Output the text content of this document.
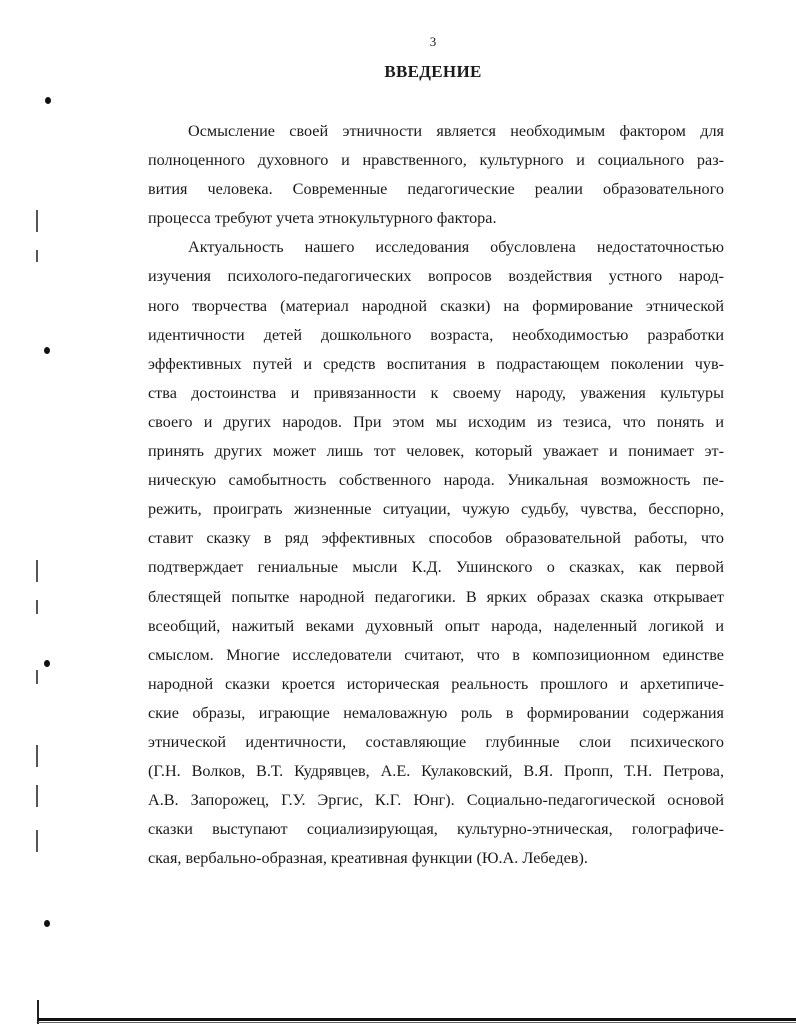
3
ВВЕДЕНИЕ
Осмысление своей этничности является необходимым фактором для
полноценного духовного и нравственного, культурного и социального раз-
вития человека. Современные педагогические реалии образовательного
процесса требуют учета этнокультурного фактора.
Актуальность нашего исследования обусловлена недостаточностью
изучения психолого-педагогических вопросов воздействия устного народ-
ного творчества (материал народной сказки) на формирование этнической
идентичности детей дошкольного возраста, необходимостью разработки
эффективных путей и средств воспитания в подрастающем поколении чув-
ства достоинства и привязанности к своему народу, уважения культуры
своего и других народов. При этом мы исходим из тезиса, что понять и
принять других может лишь тот человек, который уважает и понимает эт-
ническую самобытность собственного народа. Уникальная возможность пе-
режить, проиграть жизненные ситуации, чужую судьбу, чувства, бесспорно,
ставит сказку в ряд эффективных способов образовательной работы, что
подтверждает гениальные мысли К.Д. Ушинского о сказках, как первой
блестящей попытке народной педагогики. В ярких образах сказка открывает
всеобщий, нажитый веками духовный опыт народа, наделенный логикой и
смыслом. Многие исследователи считают, что в композиционном единстве
народной сказки кроется историческая реальность прошлого и архетипиче-
ские образы, играющие немаловажную роль в формировании содержания
этнической идентичности, составляющие глубинные слои психического
(Г.Н. Волков, В.Т. Кудрявцев, А.Е. Кулаковский, В.Я. Пропп, Т.Н. Петрова,
А.В. Запорожец, Г.У. Эргис, К.Г. Юнг). Социально-педагогической основой
сказки выступают социализирующая, культурно-этническая, голографиче-
ская, вербально-образная, креативная функции (Ю.А. Лебедев).
